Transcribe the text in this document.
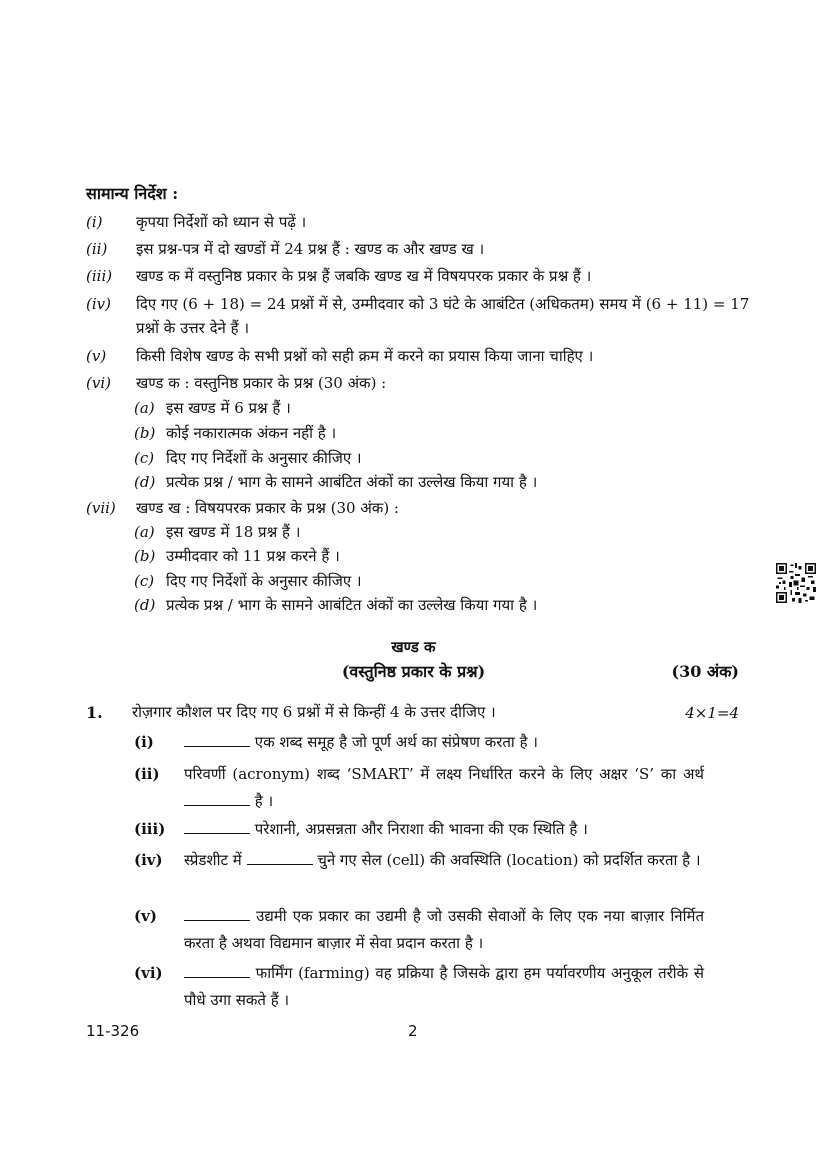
सामान्य निर्देश :
(i) कृपया निर्देशों को ध्यान से पढ़ें ।
(ii) इस प्रश्न-पत्र में दो खण्डों में 24 प्रश्न हैं : खण्ड क और खण्ड ख ।
(iii) खण्ड क में वस्तुनिष्ठ प्रकार के प्रश्न हैं जबकि खण्ड ख में विषयपरक प्रकार के प्रश्न हैं ।
(iv) दिए गए (6 + 18) = 24 प्रश्नों में से, उम्मीदवार को 3 घंटे के आबंटित (अधिकतम) समय में (6 + 11) = 17 प्रश्नों के उत्तर देने हैं ।
(v) किसी विशेष खण्ड के सभी प्रश्नों को सही क्रम में करने का प्रयास किया जाना चाहिए ।
(vi) खण्ड क : वस्तुनिष्ठ प्रकार के प्रश्न (30 अंक) :
(a) इस खण्ड में 6 प्रश्न हैं ।
(b) कोई नकारात्मक अंकन नहीं है ।
(c) दिए गए निर्देशों के अनुसार कीजिए ।
(d) प्रत्येक प्रश्न / भाग के सामने आबंटित अंकों का उल्लेख किया गया है ।
(vii) खण्ड ख : विषयपरक प्रकार के प्रश्न (30 अंक) :
(a) इस खण्ड में 18 प्रश्न हैं ।
(b) उम्मीदवार को 11 प्रश्न करने हैं ।
(c) दिए गए निर्देशों के अनुसार कीजिए ।
(d) प्रत्येक प्रश्न / भाग के सामने आबंटित अंकों का उल्लेख किया गया है ।
खण्ड क
(वस्तुनिष्ठ प्रकार के प्रश्न)	(30 अंक)
1. रोज़गार कौशल पर दिए गए 6 प्रश्नों में से किन्हीं 4 के उत्तर दीजिए ।	4×1=4
(i)	एक शब्द समूह है जो पूर्ण अर्थ का संप्रेषण करता है ।
(ii) परिवर्णी (acronym) शब्द ‘SMART’ में लक्ष्य निर्धारित करने के लिए अक्षर ‘S’ का अर्थ  है ।
(iii)	परेशानी, अप्रसन्नता और निराशा की भावना की एक स्थिति है ।
(iv) स्प्रेडशीट में	चुने गए सेल (cell) की अवस्थिति (location) को प्रदर्शित करता है ।
(v)	उद्यमी एक प्रकार का उद्यमी है जो उसकी सेवाओं के लिए एक नया बाज़ार निर्मित करता है अथवा विद्यमान बाज़ार में सेवा प्रदान करता है ।
(vi)	फार्मिंग (farming) वह प्रक्रिया है जिसके द्वारा हम पर्यावरणीय अनुकूल तरीके से पौधे उगा सकते हैं ।
11-326	2
